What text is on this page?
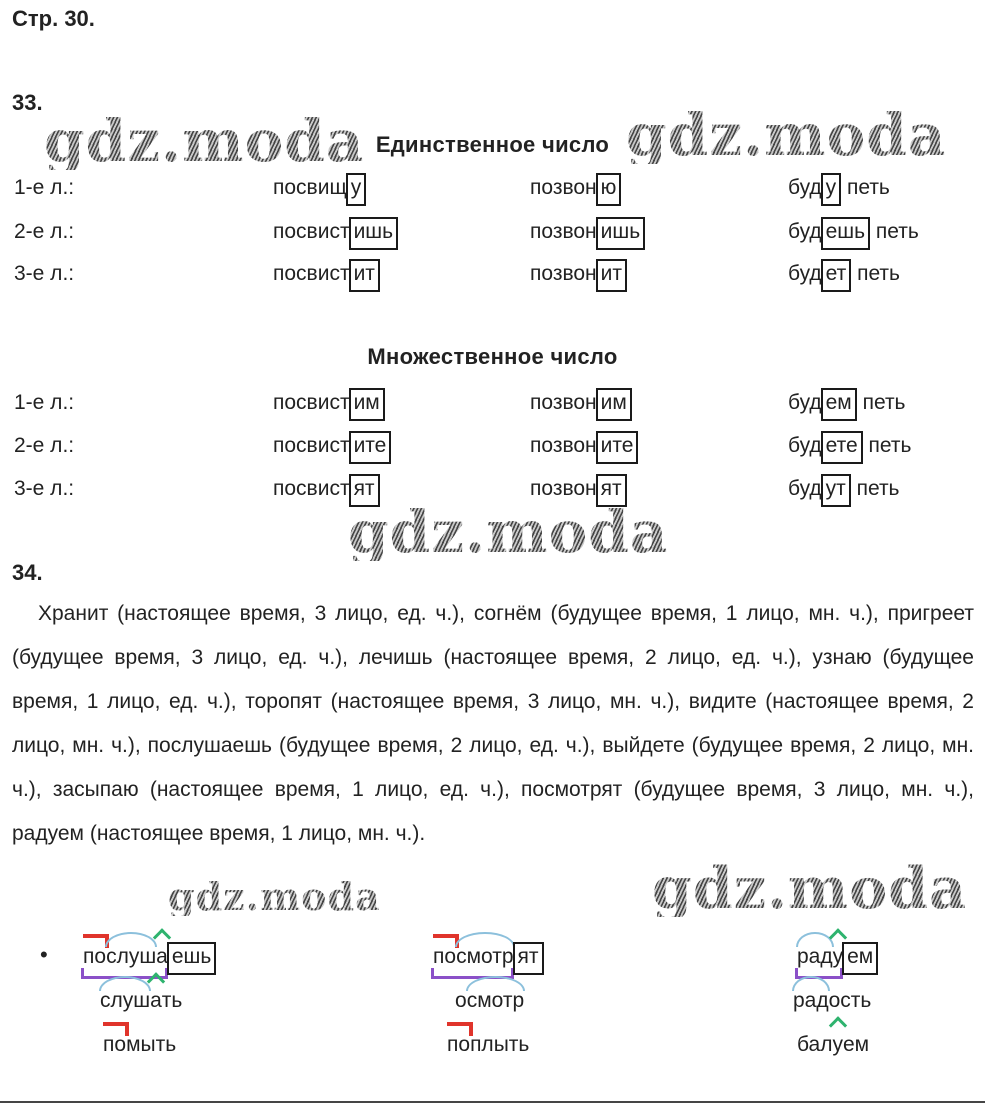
Стр. 30.
gdz.moda	gdz.moda
gdz.moda
gdz.moda	gdz.moda
33.
Единственное число
1-е л.:	посвищ у	позвон ю	буд у петь
2-е л.:	посвист ишь	позвон ишь	буд ешь петь
3-е л.:	посвист ит	позвон ит	буд ет петь
Множественное число
1-е л.:	посвист им	позвон им	буд ем петь
2-е л.:	посвист ите	позвон ите	буд ете петь
3-е л.:	посвист ят	позвон ят	буд ут петь
34.
Хранит (настоящее время, 3 лицо, ед. ч.), согнём (будущее время, 1 лицо, мн. ч.), пригреет (будущее время, 3 лицо, ед. ч.), лечишь (настоящее время, 2 лицо, ед. ч.), узнаю (будущее время, 1 лицо, ед. ч.), торопят (настоящее время, 3 лицо, мн. ч.), видите (настоящее время, 2 лицо, мн. ч.), послушаешь (будущее время, 2 лицо, ед. ч.), выйдете (будущее время, 2 лицо, мн. ч.), засыпаю (настоящее время, 1 лицо, ед. ч.), посмотрят (будущее время, 3 лицо, мн. ч.), радуем (настоящее время, 1 лицо, мн. ч.).
• послуша ешь
слушать
помыть
посмотр ят
осмотр
поплыть
раду ем
радость
балуем
